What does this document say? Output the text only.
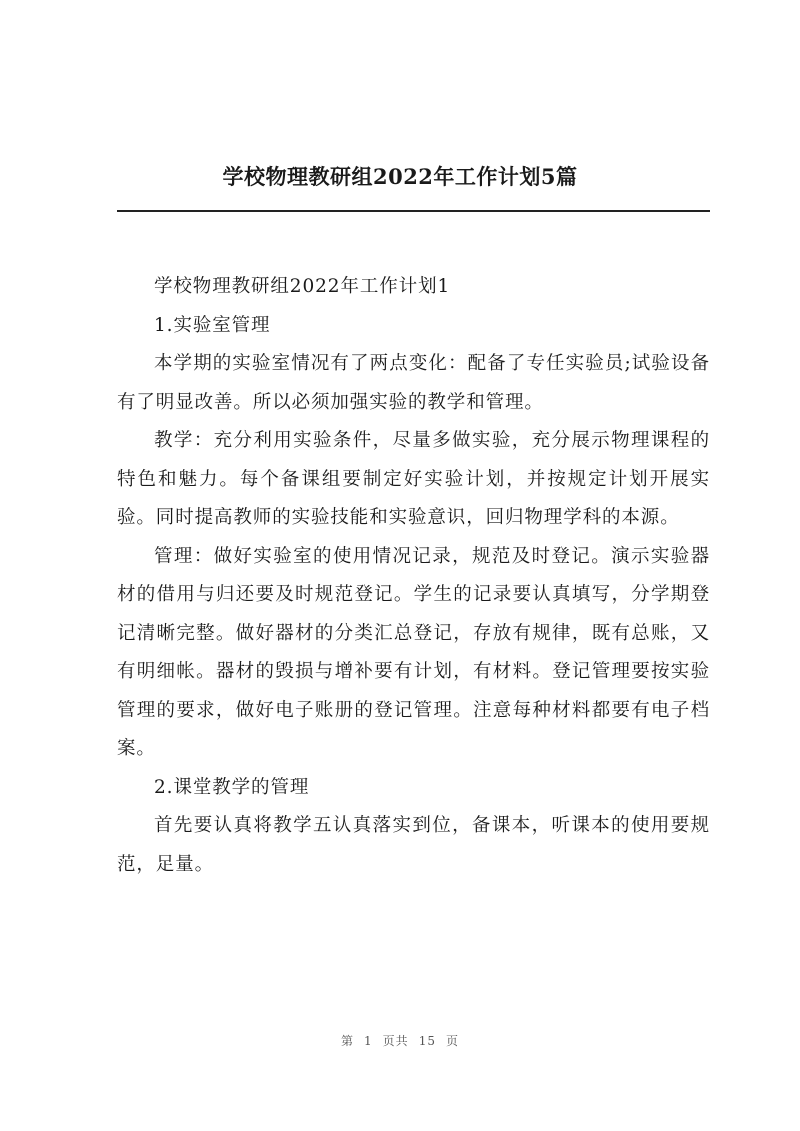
学校物理教研组2022年工作计划5篇

学校物理教研组2022年工作计划1

1.实验室管理

本学期的实验室情况有了两点变化：配备了专任实验员;试验设备有了明显改善。所以必须加强实验的教学和管理。

教学：充分利用实验条件，尽量多做实验，充分展示物理课程的特色和魅力。每个备课组要制定好实验计划，并按规定计划开展实验。同时提高教师的实验技能和实验意识，回归物理学科的本源。

管理：做好实验室的使用情况记录，规范及时登记。演示实验器材的借用与归还要及时规范登记。学生的记录要认真填写，分学期登记清晰完整。做好器材的分类汇总登记，存放有规律，既有总账，又有明细帐。器材的毁损与增补要有计划，有材料。登记管理要按实验管理的要求，做好电子账册的登记管理。注意每种材料都要有电子档案。

2.课堂教学的管理

首先要认真将教学五认真落实到位，备课本，听课本的使用要规范，足量。

第 1 页共 15 页
